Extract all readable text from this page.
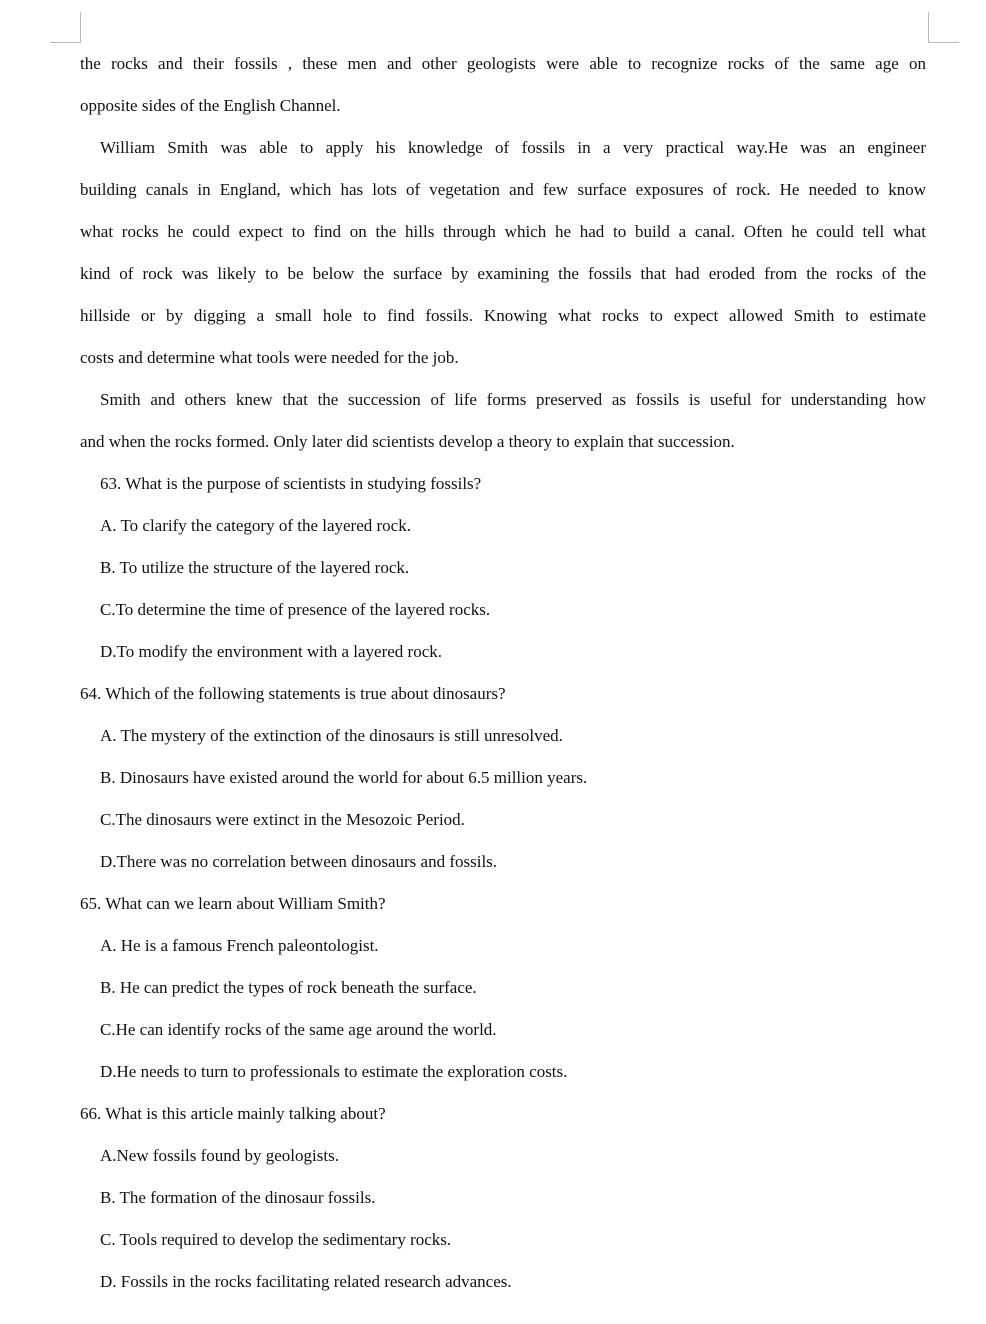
the rocks and their fossils , these men and other geologists were able to recognize rocks of the same age on
opposite sides of the English Channel.
William Smith was able to apply his knowledge of fossils in a very practical way.He was an engineer
building canals in England, which has lots of vegetation and few surface exposures of rock. He needed to know
what rocks he could expect to find on the hills through which he had to build a canal. Often he could tell what
kind of rock was likely to be below the surface by examining the fossils that had eroded from the rocks of the
hillside or by digging a small hole to find fossils. Knowing what rocks to expect allowed Smith to estimate
costs and determine what tools were needed for the job.
Smith and others knew that the succession of life forms preserved as fossils is useful for understanding how
and when the rocks formed. Only later did scientists develop a theory to explain that succession.
63. What is the purpose of scientists in studying fossils?
A. To clarify the category of the layered rock.
B. To utilize the structure of the layered rock.
C.To determine the time of presence of the layered rocks.
D.To modify the environment with a layered rock.
64. Which of the following statements is true about dinosaurs?
A. The mystery of the extinction of the dinosaurs is still unresolved.
B. Dinosaurs have existed around the world for about 6.5 million years.
C.The dinosaurs were extinct in the Mesozoic Period.
D.There was no correlation between dinosaurs and fossils.
65. What can we learn about William Smith?
A. He is a famous French paleontologist.
B. He can predict the types of rock beneath the surface.
C.He can identify rocks of the same age around the world.
D.He needs to turn to professionals to estimate the exploration costs.
66. What is this article mainly talking about?
A.New fossils found by geologists.
B. The formation of the dinosaur fossils.
C. Tools required to develop the sedimentary rocks.
D. Fossils in the rocks facilitating related research advances.
